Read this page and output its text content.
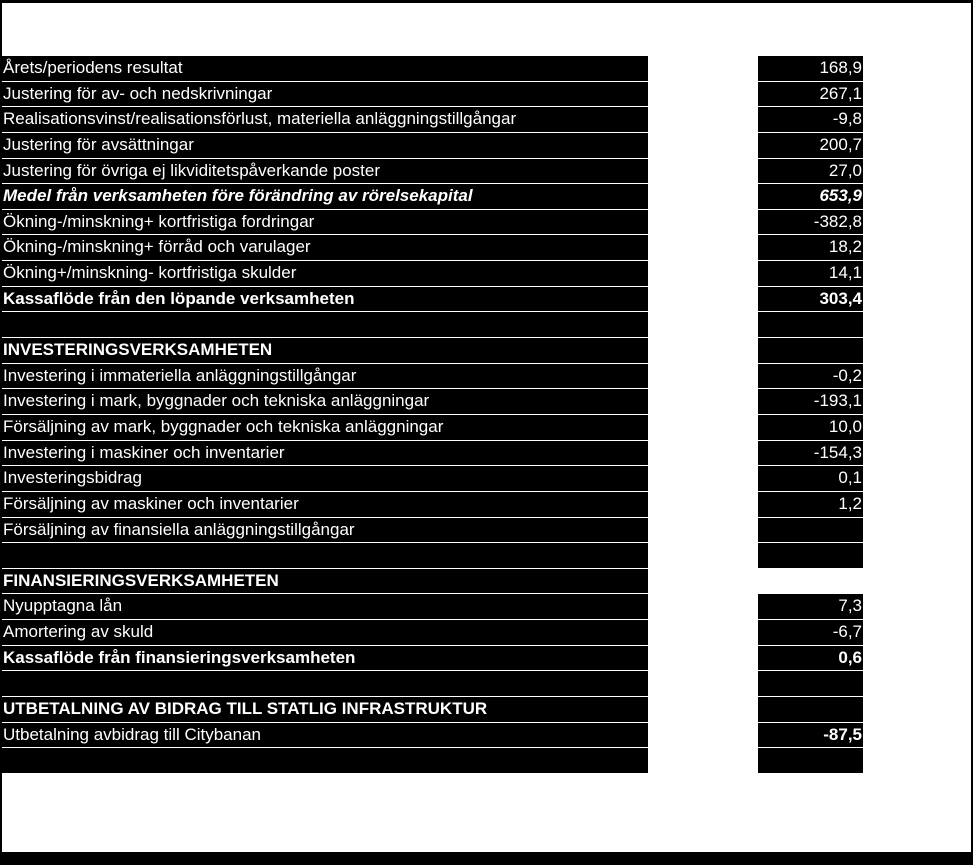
Årets/periodens resultat	168,9
Justering för av- och nedskrivningar	267,1
Realisationsvinst/realisationsförlust, materiella anläggningstillgångar	-9,8
Justering för avsättningar	200,7
Justering för övriga ej likviditetspåverkande poster	27,0
Medel från verksamheten före förändring av rörelsekapital	653,9
Ökning-/minskning+ kortfristiga fordringar	-382,8
Ökning-/minskning+ förråd och varulager	18,2
Ökning+/minskning- kortfristiga skulder	14,1
Kassaflöde från den löpande verksamheten	303,4
INVESTERINGSVERKSAMHETEN
Investering i immateriella anläggningstillgångar	-0,2
Investering i mark, byggnader och tekniska anläggningar	-193,1
Försäljning av mark, byggnader och tekniska anläggningar	10,0
Investering i maskiner och inventarier	-154,3
Investeringsbidrag	0,1
Försäljning av maskiner och inventarier	1,2
Försäljning av finansiella anläggningstillgångar
FINANSIERINGSVERKSAMHETEN
Nyupptagna lån	7,3
Amortering av skuld	-6,7
Kassaflöde från finansieringsverksamheten	0,6
UTBETALNING AV BIDRAG TILL STATLIG INFRASTRUKTUR
Utbetalning avbidrag till Citybanan	-87,5
